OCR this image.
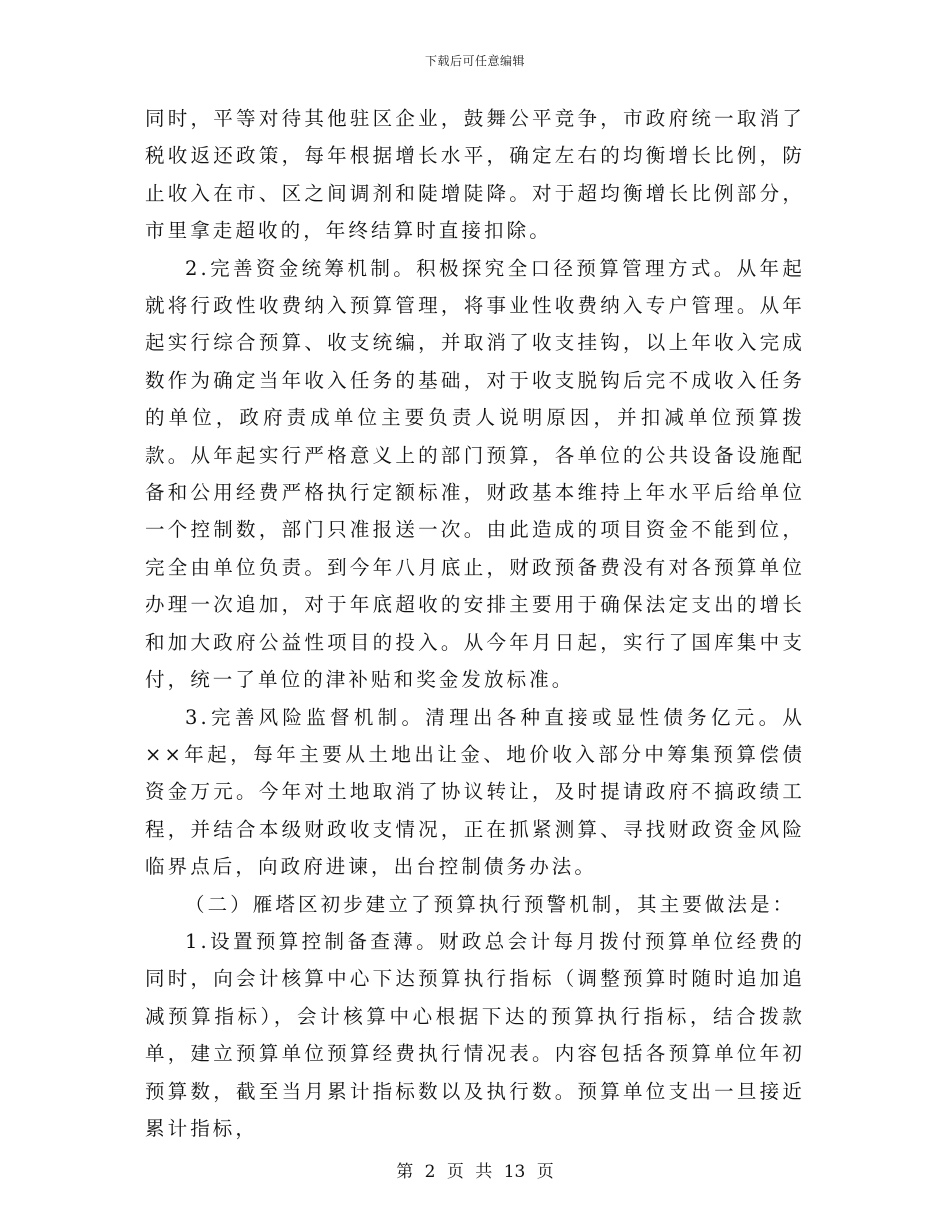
下载后可任意编辑

同时，平等对待其他驻区企业，鼓舞公平竞争，市政府统一取消了税收返还政策，每年根据增长水平，确定左右的均衡增长比例，防止收入在市、区之间调剂和陡增陡降。对于超均衡增长比例部分，市里拿走超收的，年终结算时直接扣除。

2.完善资金统筹机制。积极探究全口径预算管理方式。从年起就将行政性收费纳入预算管理，将事业性收费纳入专户管理。从年起实行综合预算、收支统编，并取消了收支挂钩，以上年收入完成数作为确定当年收入任务的基础，对于收支脱钩后完不成收入任务的单位，政府责成单位主要负责人说明原因，并扣减单位预算拨款。从年起实行严格意义上的部门预算，各单位的公共设备设施配备和公用经费严格执行定额标准，财政基本维持上年水平后给单位一个控制数，部门只准报送一次。由此造成的项目资金不能到位，完全由单位负责。到今年八月底止，财政预备费没有对各预算单位办理一次追加，对于年底超收的安排主要用于确保法定支出的增长和加大政府公益性项目的投入。从今年月日起，实行了国库集中支付，统一了单位的津补贴和奖金发放标准。

3.完善风险监督机制。清理出各种直接或显性债务亿元。从××年起，每年主要从土地出让金、地价收入部分中筹集预算偿债资金万元。今年对土地取消了协议转让，及时提请政府不搞政绩工程，并结合本级财政收支情况，正在抓紧测算、寻找财政资金风险临界点后，向政府进谏，出台控制债务办法。

（二）雁塔区初步建立了预算执行预警机制，其主要做法是：

1.设置预算控制备查薄。财政总会计每月拨付预算单位经费的同时，向会计核算中心下达预算执行指标（调整预算时随时追加追减预算指标），会计核算中心根据下达的预算执行指标，结合拨款单，建立预算单位预算经费执行情况表。内容包括各预算单位年初预算数，截至当月累计指标数以及执行数。预算单位支出一旦接近累计指标，

第 2 页 共 13 页
